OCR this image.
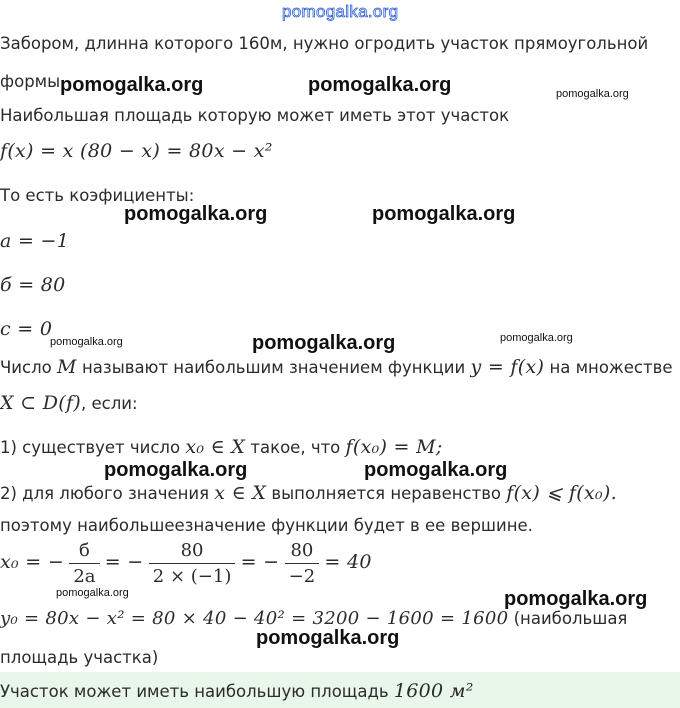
pomogalka.org
Забором, длинна которого 160м, нужно огродить участок прямоугольной
формы
Наибольшая площадь которую может иметь этот участок
f(x) = x (80 − x) = 80x − x²
То есть коэфициенты:
a = −1
б = 80
c = 0
Число M называют наибольшим значением функции y = f(x) на множестве
X ⊂ D(f), если:
1) существует число x₀ ∈ X такое, что f(x₀) = M;
2) для любого значения x ∈ X выполняется неравенство f(x) ⩽ f(x₀).
поэтому наибольшеезначение функции будет в ее вершине.
x₀ = − $\frac{б}{2a}$ = − $\frac{80}{2 \times (-1)}$ = − $\frac{80}{-2} = 40$
y₀ = 80x − x² = 80 × 40 − 40² = 3200 − 1600 = 1600 (наибольшая
площадь участка)
Участок может иметь наибольшую площадь 1600 м²
pomogalka.org	pomogalka.org	pomogalka.org
pomogalka.org	pomogalka.org
pomogalka.org	pomogalka.org	pomogalka.org
pomogalka.org	pomogalka.org
pomogalka.org	pomogalka.org
pomogalka.org
